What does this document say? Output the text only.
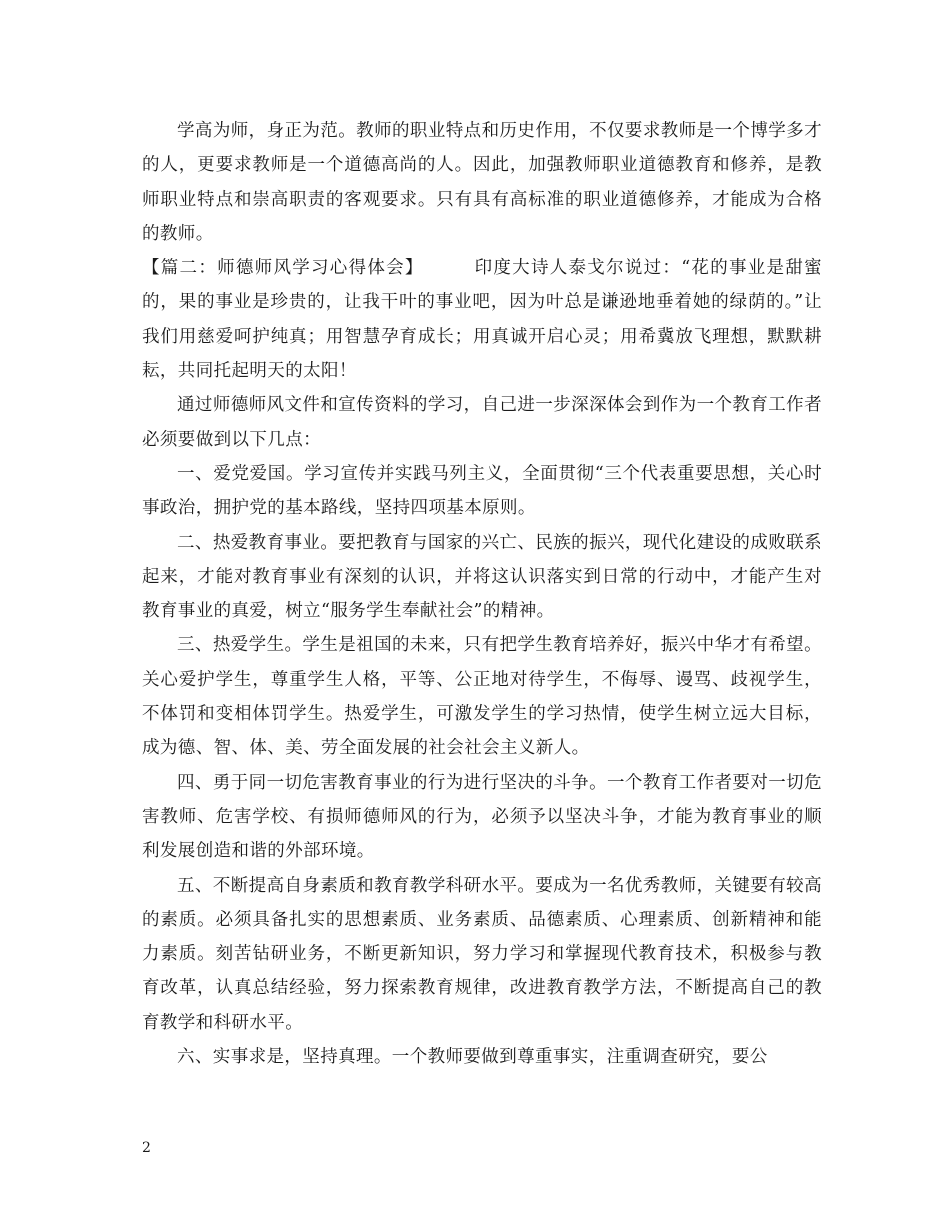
学高为师，身正为范。教师的职业特点和历史作用，不仅要求教师是一个博学多才的人，更要求教师是一个道德高尚的人。因此，加强教师职业道德教育和修养，是教师职业特点和崇高职责的客观要求。只有具有高标准的职业道德修养，才能成为合格的教师。

【篇二：师德师风学习心得体会】	印度大诗人泰戈尔说过：“花的事业是甜蜜的，果的事业是珍贵的，让我干叶的事业吧，因为叶总是谦逊地垂着她的绿荫的。”让我们用慈爱呵护纯真；用智慧孕育成长；用真诚开启心灵；用希冀放飞理想，默默耕耘，共同托起明天的太阳！

通过师德师风文件和宣传资料的学习，自己进一步深深体会到作为一个教育工作者必须要做到以下几点：

一、爱党爱国。学习宣传并实践马列主义，全面贯彻“三个代表重要思想，关心时事政治，拥护党的基本路线，坚持四项基本原则。

二、热爱教育事业。要把教育与国家的兴亡、民族的振兴，现代化建设的成败联系起来，才能对教育事业有深刻的认识，并将这认识落实到日常的行动中，才能产生对教育事业的真爱，树立“服务学生奉献社会”的精神。

三、热爱学生。学生是祖国的未来，只有把学生教育培养好，振兴中华才有希望。关心爱护学生，尊重学生人格，平等、公正地对待学生，不侮辱、谩骂、歧视学生，不体罚和变相体罚学生。热爱学生，可激发学生的学习热情，使学生树立远大目标，成为德、智、体、美、劳全面发展的社会社会主义新人。

四、勇于同一切危害教育事业的行为进行坚决的斗争。一个教育工作者要对一切危害教师、危害学校、有损师德师风的行为，必须予以坚决斗争，才能为教育事业的顺利发展创造和谐的外部环境。

五、不断提高自身素质和教育教学科研水平。要成为一名优秀教师，关键要有较高的素质。必须具备扎实的思想素质、业务素质、品德素质、心理素质、创新精神和能力素质。刻苦钻研业务，不断更新知识，努力学习和掌握现代教育技术，积极参与教育改革，认真总结经验，努力探索教育规律，改进教育教学方法，不断提高自己的教育教学和科研水平。

六、实事求是，坚持真理。一个教师要做到尊重事实，注重调查研究，要公

2
